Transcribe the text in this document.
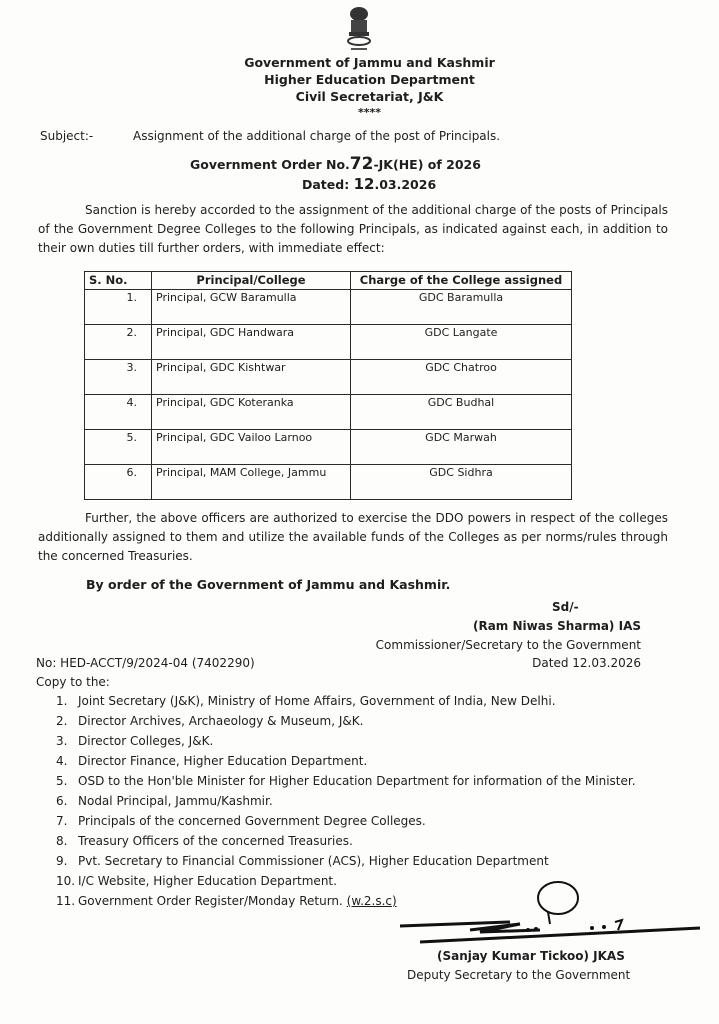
Government of Jammu and Kashmir
Higher Education Department
Civil Secretariat, J&K
****
Subject:-	Assignment of the additional charge of the post of Principals.
Government Order No.72-JK(HE) of 2026
Dated: 12.03.2026
Sanction is hereby accorded to the assignment of the additional charge of the posts of Principals of the Government Degree Colleges to the following Principals, as indicated against each, in addition to their own duties till further orders, with immediate effect:
S. No.	Principal/College	Charge of the College assigned
1.	Principal, GCW Baramulla	GDC Baramulla
2.	Principal, GDC Handwara	GDC Langate
3.	Principal, GDC Kishtwar	GDC Chatroo
4.	Principal, GDC Koteranka	GDC Budhal
5.	Principal, GDC Vailoo Larnoo	GDC Marwah
6.	Principal, MAM College, Jammu	GDC Sidhra
Further, the above officers are authorized to exercise the DDO powers in respect of the colleges additionally assigned to them and utilize the available funds of the Colleges as per norms/rules through the concerned Treasuries.
By order of the Government of Jammu and Kashmir.
Sd/-
(Ram Niwas Sharma) IAS
Commissioner/Secretary to the Government
No: HED-ACCT/9/2024-04 (7402290)	Dated 12.03.2026
Copy to the:
1. Joint Secretary (J&K), Ministry of Home Affairs, Government of India, New Delhi.
2. Director Archives, Archaeology & Museum, J&K.
3. Director Colleges, J&K.
4. Director Finance, Higher Education Department.
5. OSD to the Hon'ble Minister for Higher Education Department for information of the Minister.
6. Nodal Principal, Jammu/Kashmir.
7. Principals of the concerned Government Degree Colleges.
8. Treasury Officers of the concerned Treasuries.
9. Pvt. Secretary to Financial Commissioner (ACS), Higher Education Department
10. I/C Website, Higher Education Department.
11. Government Order Register/Monday Return. (w.2.s.c)
(Sanjay Kumar Tickoo) JKAS
Deputy Secretary to the Government
